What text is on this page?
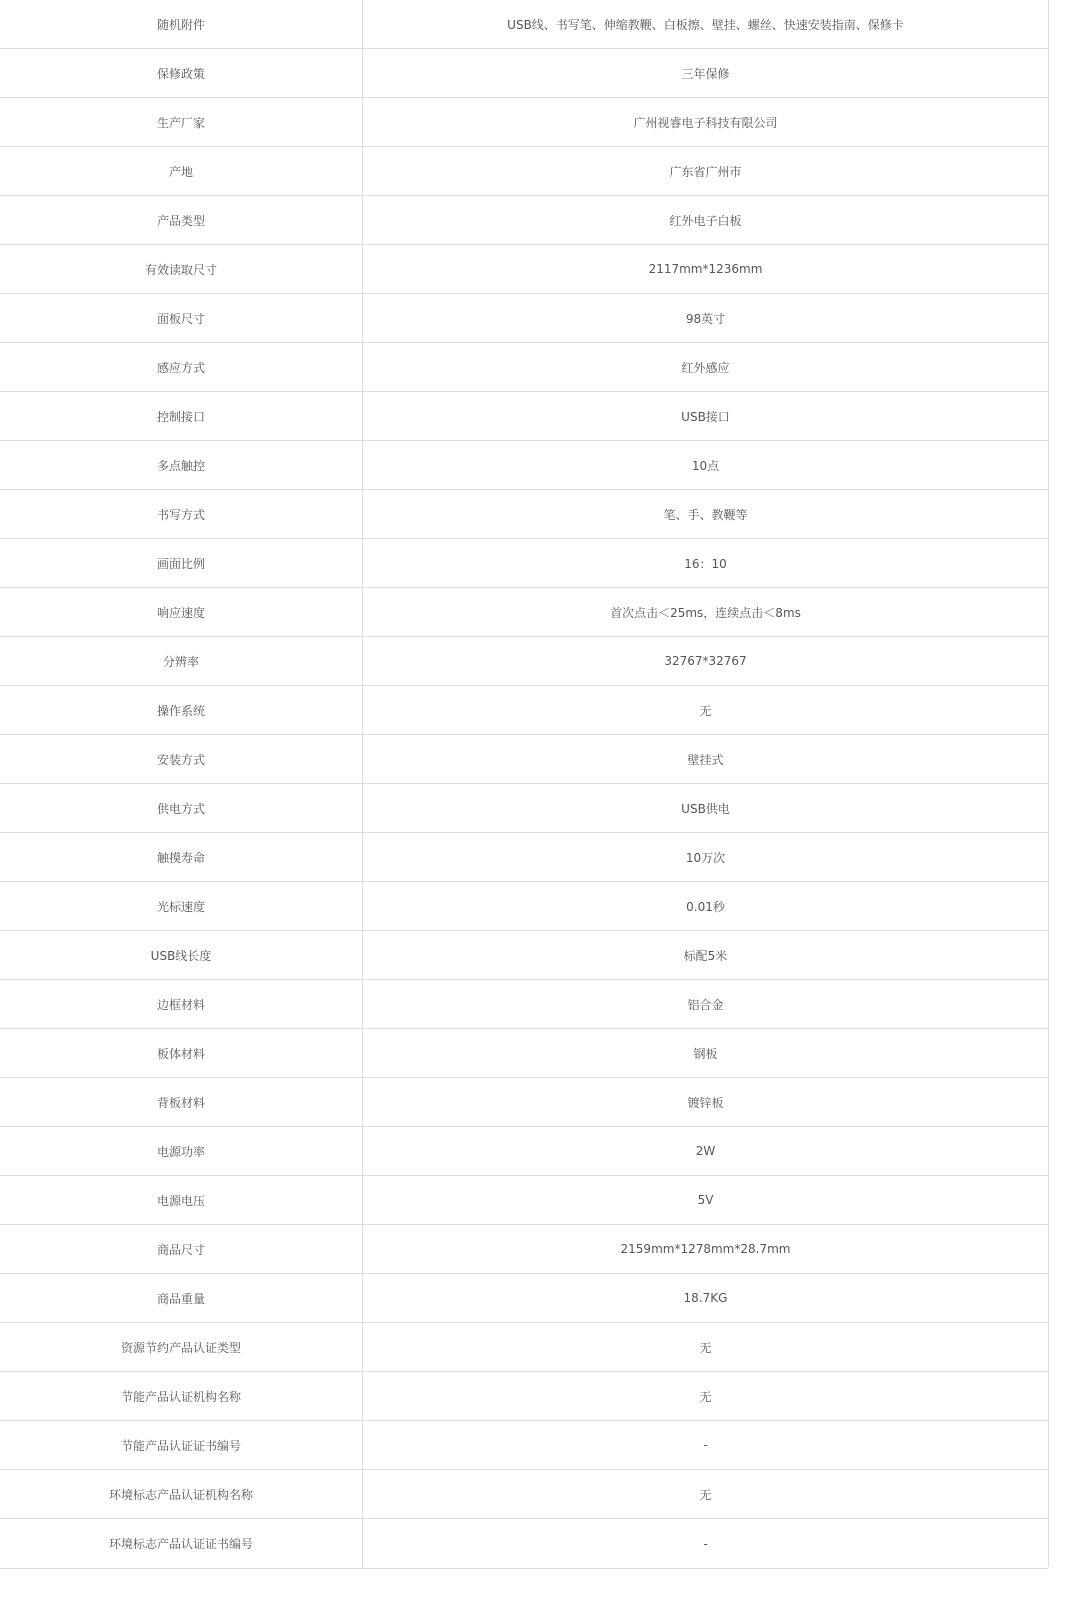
随机附件	USB线、书写笔、伸缩教鞭、白板擦、壁挂、螺丝、快速安装指南、保修卡
保修政策	三年保修
生产厂家	广州视睿电子科技有限公司
产地	广东省广州市
产品类型	红外电子白板
有效读取尺寸	2117mm*1236mm
面板尺寸	98英寸
感应方式	红外感应
控制接口	USB接口
多点触控	10点
书写方式	笔、手、教鞭等
画面比例	16：10
响应速度	首次点击＜25ms，连续点击＜8ms
分辨率	32767*32767
操作系统	无
安装方式	壁挂式
供电方式	USB供电
触摸寿命	10万次
光标速度	0.01秒
USB线长度	标配5米
边框材料	铝合金
板体材料	钢板
背板材料	镀锌板
电源功率	2W
电源电压	5V
商品尺寸	2159mm*1278mm*28.7mm
商品重量	18.7KG
资源节约产品认证类型	无
节能产品认证机构名称	无
节能产品认证证书编号	-
环境标志产品认证机构名称	无
环境标志产品认证证书编号	-
